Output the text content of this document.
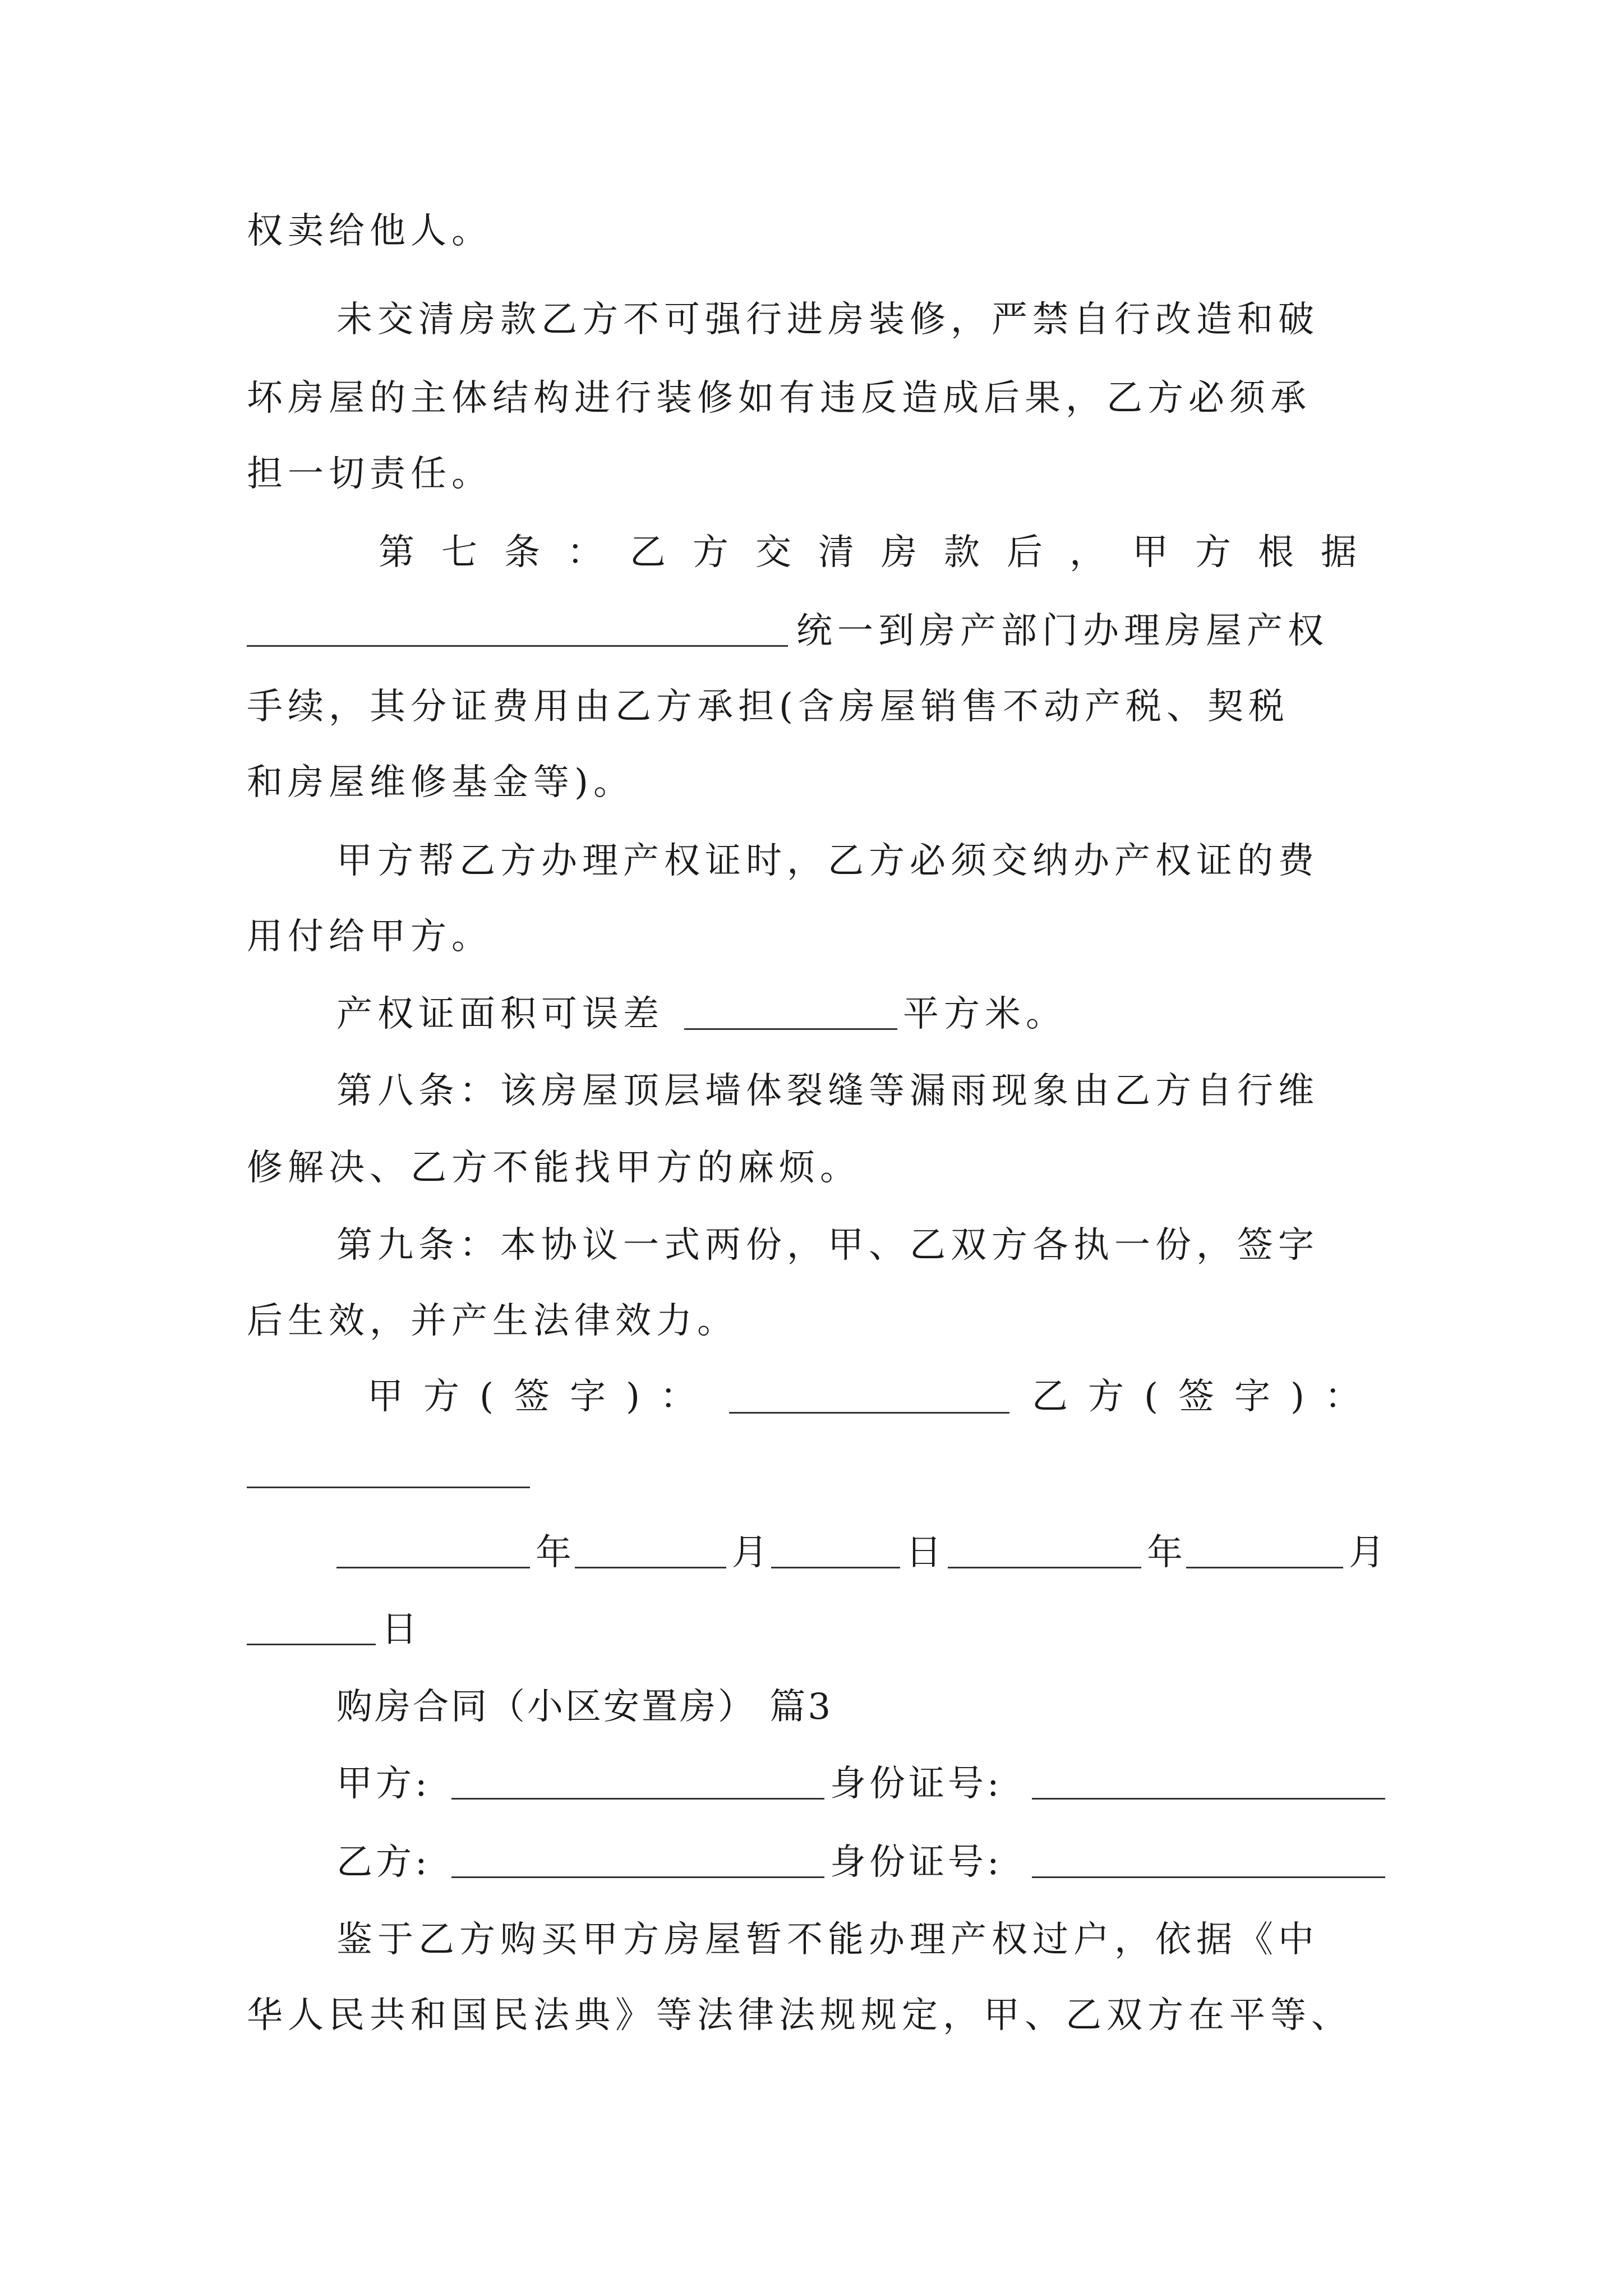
权卖给他人。
未交清房款乙方不可强行进房装修，严禁自行改造和破
坏房屋的主体结构进行装修如有违反造成后果，乙方必须承
担一切责任。
第七条：乙方交清房款后，甲方根据
统一到房产部门办理房屋产权
手续，其分证费用由乙方承担(含房屋销售不动产税、契税
和房屋维修基金等)。
甲方帮乙方办理产权证时，乙方必须交纳办产权证的费
用付给甲方。
产权证面积可误差	平方米。
第八条：该房屋顶层墙体裂缝等漏雨现象由乙方自行维
修解决、乙方不能找甲方的麻烦。
第九条：本协议一式两份，甲、乙双方各执一份，签字
后生效，并产生法律效力。
甲方(签字)：	乙方(签字)：
年	月	日	年	月
日
购房合同（小区安置房） 篇3
甲方:	身份证号:
乙方:	身份证号:
鉴于乙方购买甲方房屋暂不能办理产权过户，依据《中
华人民共和国民法典》等法律法规规定，甲、乙双方在平等、
